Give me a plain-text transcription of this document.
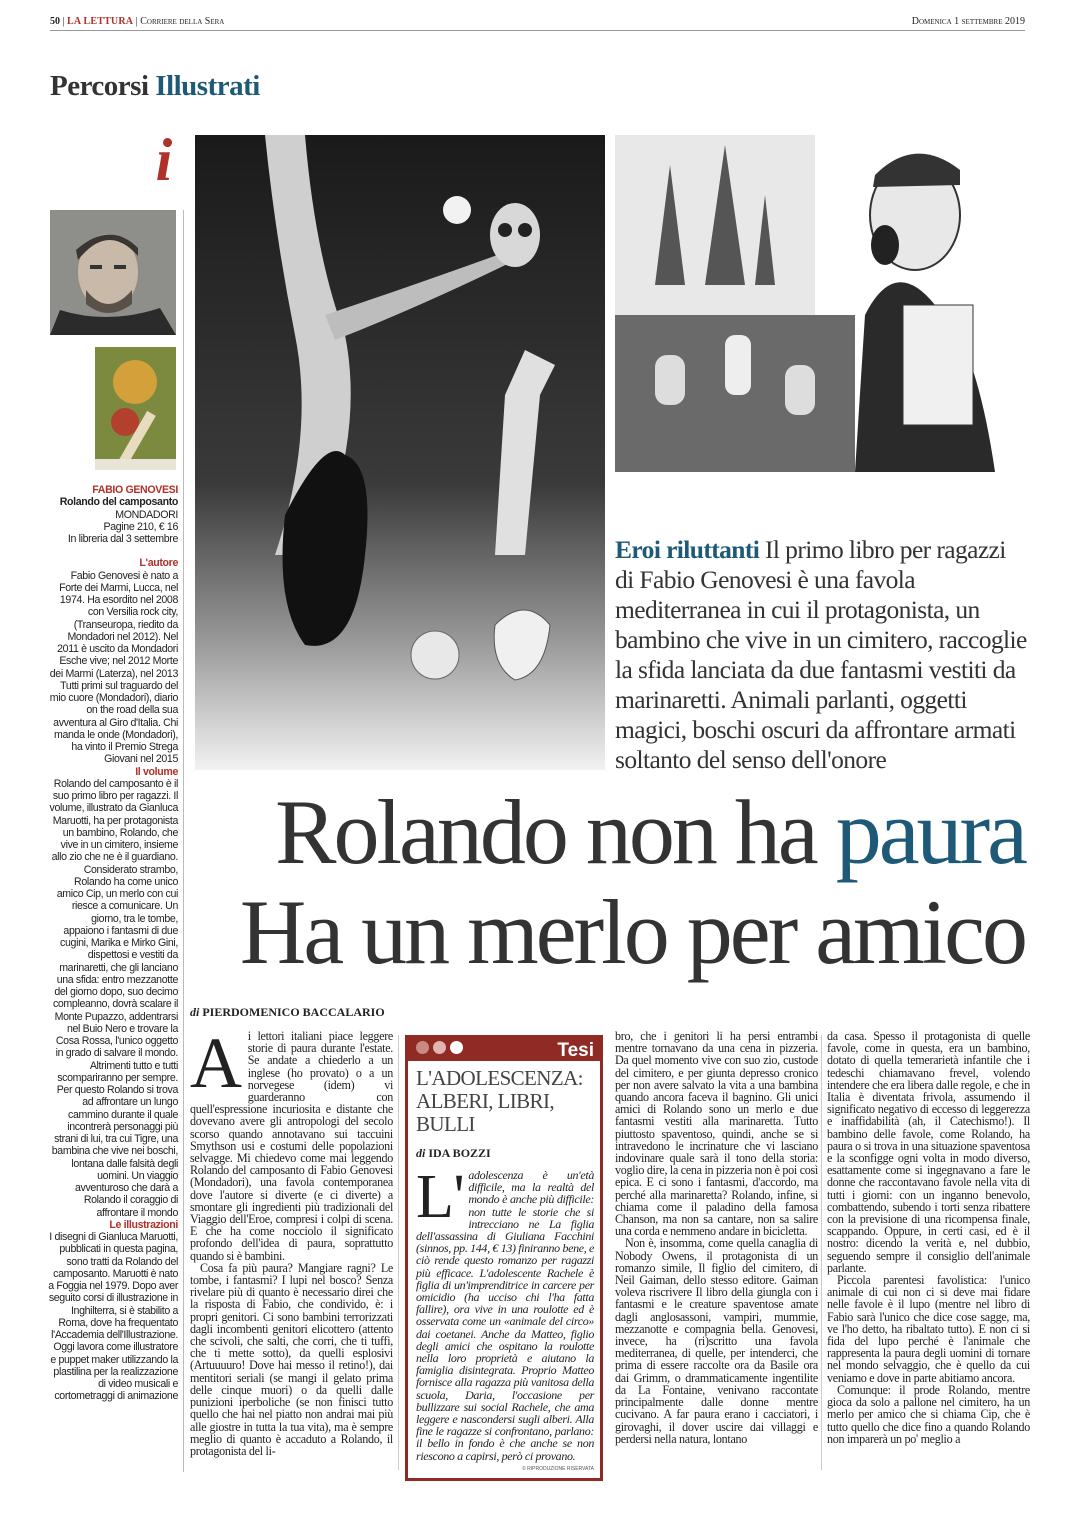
50 | LA LETTURA | Corriere della Sera	Domenica 1 settembre 2019
Percorsi Illustrati
i

FABIO GENOVESI

Rolando del camposanto

MONDADORI

Pagine 210, € 16

In libreria dal 3 settembre

L'autore

Fabio Genovesi è nato a Forte dei Marmi, Lucca, nel 1974. Ha esordito nel 2008 con Versilia rock city, (Transeuropa, riedito da Mondadori nel 2012). Nel 2011 è uscito da Mondadori Esche vive; nel 2012 Morte dei Marmi (Laterza), nel 2013 Tutti primi sul traguardo del mio cuore (Mondadori), diario on the road della sua avventura al Giro d'Italia. Chi manda le onde (Mondadori), ha vinto il Premio Strega Giovani nel 2015

Il volume

Rolando del camposanto è il suo primo libro per ragazzi. Il volume, illustrato da Gianluca Maruotti, ha per protagonista un bambino, Rolando, che vive in un cimitero, insieme allo zio che ne è il guardiano. Considerato strambo, Rolando ha come unico amico Cip, un merlo con cui riesce a comunicare. Un giorno, tra le tombe, appaiono i fantasmi di due cugini, Marika e Mirko Gini, dispettosi e vestiti da marinaretti, che gli lanciano una sfida: entro mezzanotte del giorno dopo, suo decimo compleanno, dovrà scalare il Monte Pupazzo, addentrarsi nel Buio Nero e trovare la Cosa Rossa, l'unico oggetto in grado di salvare il mondo. Altrimenti tutto e tutti scompariranno per sempre. Per questo Rolando si trova ad affrontare un lungo cammino durante il quale incontrerà personaggi più strani di lui, tra cui Tigre, una bambina che vive nei boschi, lontana dalle falsità degli uomini. Un viaggio avventuroso che darà a Rolando il coraggio di affrontare il mondo

Le illustrazioni

I disegni di Gianluca Maruotti, pubblicati in questa pagina, sono tratti da Rolando del camposanto. Maruotti è nato a Foggia nel 1979. Dopo aver seguito corsi di illustrazione in Inghilterra, si è stabilito a Roma, dove ha frequentato l'Accademia dell'Illustrazione. Oggi lavora come illustratore e puppet maker utilizzando la plastilina per la realizzazione di video musicali e cortometraggi di animazione

Eroi riluttanti Il primo libro per ragazzi di Fabio Genovesi è una favola mediterranea in cui il protagonista, un bambino che vive in un cimitero, raccoglie la sfida lanciata da due fantasmi vestiti da marinaretti. Animali parlanti, oggetti magici, boschi oscuri da affrontare armati soltanto del senso dell'onore
Rolando non ha paura
Ha un merlo per amico
di PIERDOMENICO BACCALARIO

Ai lettori italiani piace leggere storie di paura durante l'estate. Se andate a chiederlo a un inglese (ho provato) o a un norvegese (idem) vi guarderanno con quell'espressione incuriosita e distante che dovevano avere gli antropologi del secolo scorso quando annotavano sui taccuini Smythson usi e costumi delle popolazioni selvagge. Mi chiedevo come mai leggendo Rolando del camposanto di Fabio Genovesi (Mondadori), una favola contemporanea dove l'autore si diverte (e ci diverte) a smontare gli ingredienti più tradizionali del Viaggio dell'Eroe, compresi i colpi di scena. E che ha come nocciolo il significato profondo dell'idea di paura, soprattutto quando si è bambini.

Cosa fa più paura? Mangiare ragni? Le tombe, i fantasmi? I lupi nel bosco? Senza rivelare più di quanto è necessario direi che la risposta di Fabio, che condivido, è: i propri genitori. Ci sono bambini terrorizzati dagli incombenti genitori elicottero (attento che scivoli, che salti, che corri, che ti tuffi, che ti mette sotto), da quelli esplosivi (Artuuuuro! Dove hai messo il retino!), dai mentitori seriali (se mangi il gelato prima delle cinque muori) o da quelli dalle punizioni iperboliche (se non finisci tutto quello che hai nel piatto non andrai mai più alle giostre in tutta la tua vita), ma è sempre meglio di quanto è accaduto a Rolando, il protagonista del li-

Tesi
L'ADOLESCENZA: ALBERI, LIBRI, BULLI
di IDA BOZZI
L' adolescenza è un'età difficile, ma la realtà del mondo è anche più difficile: non tutte le storie che si intrecciano ne La figlia dell'assassina di Giuliana Facchini (sinnos, pp. 144, € 13) finiranno bene, e ciò rende questo romanzo per ragazzi più efficace. L'adolescente Rachele è figlia di un'imprenditrice in carcere per omicidio (ha ucciso chi l'ha fatta fallire), ora vive in una roulotte ed è osservata come un «animale del circo» dai coetanei. Anche da Matteo, figlio degli amici che ospitano la roulotte nella loro proprietà e aiutano la famiglia disintegrata. Proprio Matteo fornisce alla ragazza più vanitosa della scuola, Daria, l'occasione per bullizzare sui social Rachele, che ama leggere e nascondersi sugli alberi. Alla fine le ragazze si confrontano, parlano: il bello in fondo è che anche se non riescono a capirsi, però ci provano.
© RIPRODUZIONE RISERVATA

bro, che i genitori li ha persi entrambi mentre tornavano da una cena in pizzeria. Da quel momento vive con suo zio, custode del cimitero, e per giunta depresso cronico per non avere salvato la vita a una bambina quando ancora faceva il bagnino. Gli unici amici di Rolando sono un merlo e due fantasmi vestiti alla marinaretta. Tutto piuttosto spaventoso, quindi, anche se si intravedono le incrinature che vi lasciano indovinare quale sarà il tono della storia: voglio dire, la cena in pizzeria non è poi così epica. E ci sono i fantasmi, d'accordo, ma perché alla marinaretta? Rolando, infine, si chiama come il paladino della famosa Chanson, ma non sa cantare, non sa salire una corda e nemmeno andare in bicicletta.

Non è, insomma, come quella canaglia di Nobody Owens, il protagonista di un romanzo simile, Il figlio del cimitero, di Neil Gaiman, dello stesso editore. Gaiman voleva riscrivere Il libro della giungla con i fantasmi e le creature spaventose amate dagli anglosassoni, vampiri, mummie, mezzanotte e compagnia bella. Genovesi, invece, ha (ri)scritto una favola mediterranea, di quelle, per intenderci, che prima di essere raccolte ora da Basile ora dai Grimm, o drammaticamente ingentilite da La Fontaine, venivano raccontate principalmente dalle donne mentre cucivano. A far paura erano i cacciatori, i girovaghi, il dover uscire dai villaggi e perdersi nella natura, lontano

da casa. Spesso il protagonista di quelle favole, come in questa, era un bambino, dotato di quella temerarietà infantile che i tedeschi chiamavano frevel, volendo intendere che era libera dalle regole, e che in Italia è diventata frivola, assumendo il significato negativo di eccesso di leggerezza e inaffidabilità (ah, il Catechismo!). Il bambino delle favole, come Rolando, ha paura o si trova in una situazione spaventosa e la sconfigge ogni volta in modo diverso, esattamente come si ingegnavano a fare le donne che raccontavano favole nella vita di tutti i giorni: con un inganno benevolo, combattendo, subendo i torti senza ribattere con la previsione di una ricompensa finale, scappando. Oppure, in certi casi, ed è il nostro: dicendo la verità e, nel dubbio, seguendo sempre il consiglio dell'animale parlante.

Piccola parentesi favolistica: l'unico animale di cui non ci si deve mai fidare nelle favole è il lupo (mentre nel libro di Fabio sarà l'unico che dice cose sagge, ma, ve l'ho detto, ha ribaltato tutto). E non ci si fida del lupo perché è l'animale che rappresenta la paura degli uomini di tornare nel mondo selvaggio, che è quello da cui veniamo e dove in parte abitiamo ancora.

Comunque: il prode Rolando, mentre gioca da solo a pallone nel cimitero, ha un merlo per amico che si chiama Cip, che è tutto quello che dice fino a quando Rolando non imparerà un po' meglio a
